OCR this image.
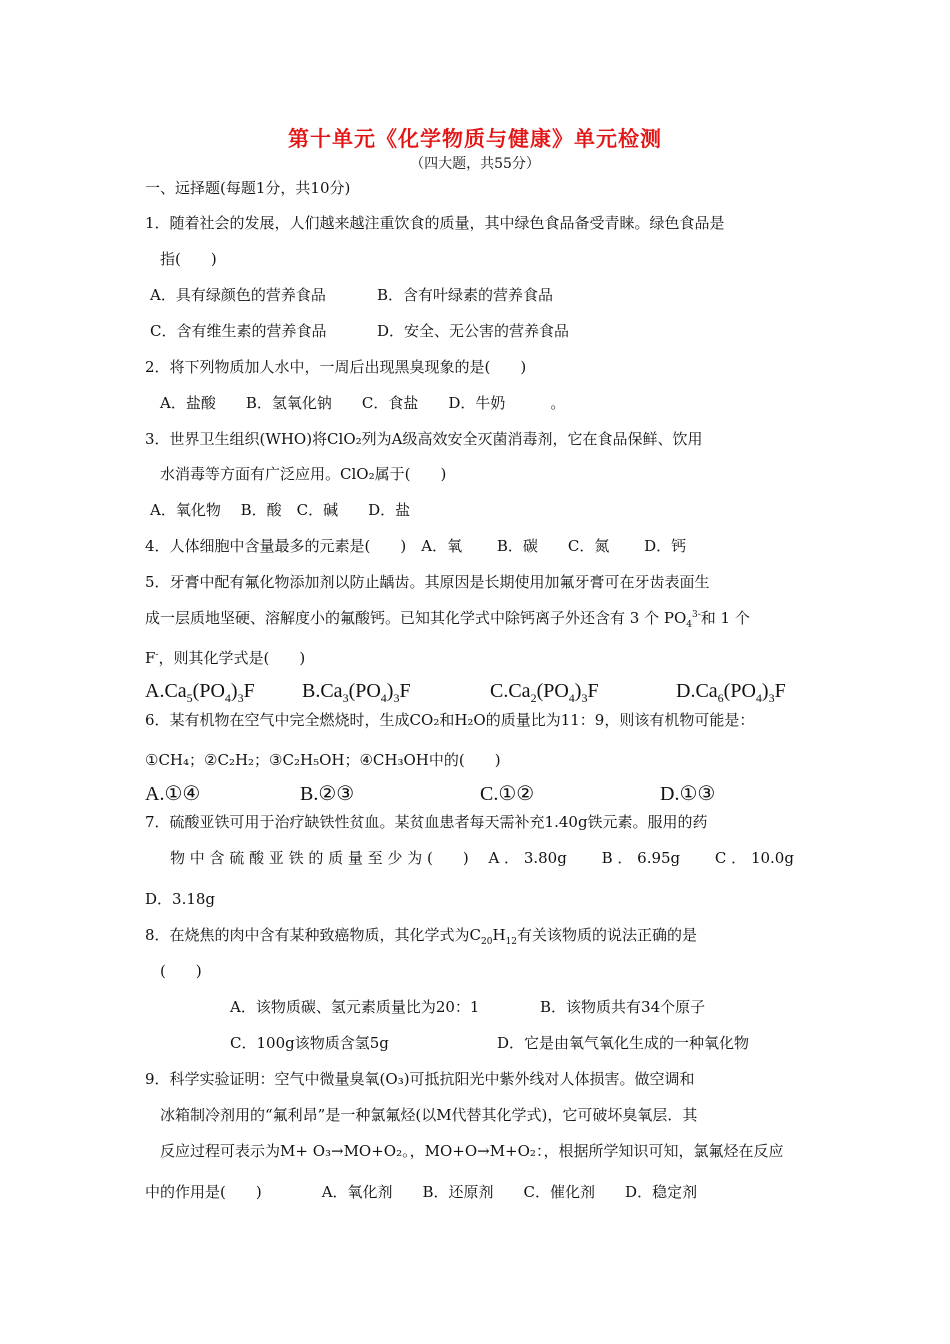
第十单元《化学物质与健康》单元检测
（四大题，共55分）
一、远择题(每题1分，共10分)
1．随着社会的发展，人们越来越注重饮食的质量，其中绿色食品备受青睐。绿色食品是
指(　　)
A．具有绿颜色的营养食品	B．含有叶绿素的营养食品
C．含有维生素的营养食品	D．安全、无公害的营养食品
2．将下列物质加人水中，一周后出现黑臭现象的是(　　)
A．盐酸　　B．氢氧化钠　　C．食盐　　D．牛奶　　　。
3．世界卫生组织(WHO)将ClO₂列为A级高效安全灭菌消毒剂，它在食品保鲜、饮用
水消毒等方面有广泛应用。ClO₂属于(　　)
A．氧化物　 B．酸　C．碱　　D．盐
4．人体细胞中含量最多的元素是(　　)　A．氧　　 B．碳　　C．氮　　 D．钙
5．牙膏中配有氟化物添加剂以防止龋齿。其原因是长期使用加氟牙膏可在牙齿表面生
成一层质地坚硬、溶解度小的氟酸钙。已知其化学式中除钙离子外还含有 3 个 $PO_4^{3-}$和 1 个
F-，则其化学式是(　　)
$A.Ca_5(PO_4)_3F$ $B.Ca_3(PO_4)_3F$	$C.Ca_2(PO_4)_3F$	$D.Ca_6(PO_4)_3F$
6．某有机物在空气中完全燃烧时，生成CO₂和H₂O的质量比为11：9，则该有机物可能是：
①CH₄；②C₂H₂；③C₂H₅OH；④CH₃OH中的(　　)
A.①④	B.②③	C.①②	D.①③
7．硫酸亚铁可用于治疗缺铁性贫血。某贫血患者每天需补充1.40g铁元素。服用的药
物 中 含 硫 酸 亚 铁 的 质 量 至 少 为 (　　)　 A ． 3.80g　　 B ． 6.95g　　 C ． 10.0g
D．3.18g
8．在烧焦的肉中含有某种致癌物质，其化学式为$C_{20}H_{12}$有关该物质的说法正确的是
(　　)
A．该物质碳、氢元素质量比为20：1	B．该物质共有34个原子
C．100g该物质含氢5g	D．它是由氧气氧化生成的一种氧化物
9．科学实验证明：空气中微量臭氧(O₃)可抵抗阳光中紫外线对人体损害。做空调和
冰箱制冷剂用的“氟利昂”是一种氯氟烃(以M代替其化学式)，它可破坏臭氧层．其
反应过程可表示为M+ O₃→MO+O₂。，MO+O→M+O₂：，根据所学知识可知，氯氟烃在反应
中的作用是(　　)　　　　A．氧化剂　　B．还原剂　　C．催化剂　　D．稳定剂
